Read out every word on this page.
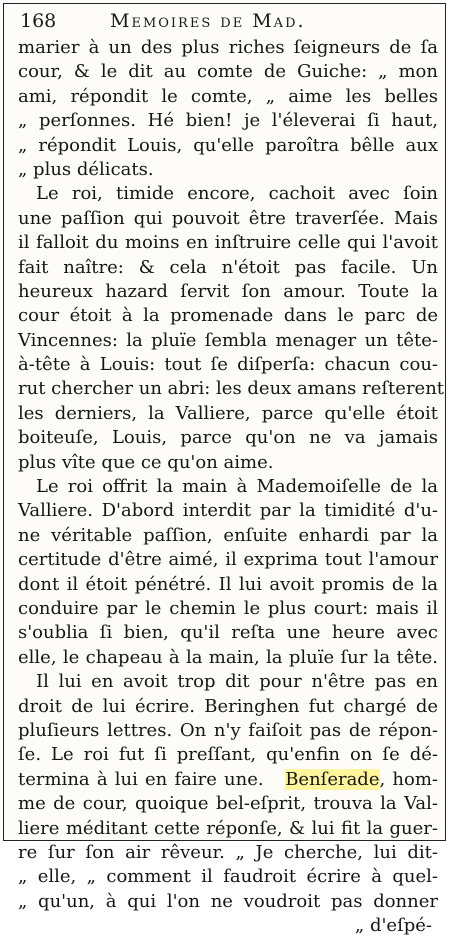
168	Memoires de Mad.
marier à un des plus riches ſeigneurs de ſa
cour, & le dit au comte de Guiche: „ mon
ami, répondit le comte, „ aime les belles
„ perſonnes. Hé bien! je l'éleverai ſi haut,
„ répondit Louis, qu'elle paroîtra bêlle aux
„ plus délicats.
Le roi, timide encore, cachoit avec ſoin
une paſſion qui pouvoit être traverſée. Mais
il falloit du moins en inſtruire celle qui l'avoit
fait naître: & cela n'étoit pas facile. Un
heureux hazard ſervit ſon amour. Toute la
cour étoit à la promenade dans le parc de
Vincennes: la pluïe ſembla menager un tête-
à-tête à Louis: tout ſe diſperſa: chacun cou-
rut chercher un abri: les deux amans reſterent
les derniers, la Valliere, parce qu'elle étoit
boiteuſe, Louis, parce qu'on ne va jamais
plus vîte que ce qu'on aime.
Le roi offrit la main à Mademoiſelle de la
Valliere. D'abord interdit par la timidité d'u-
ne véritable paſſion, enſuite enhardi par la
certitude d'être aimé, il exprima tout l'amour
dont il étoit pénétré. Il lui avoit promis de la
conduire par le chemin le plus court: mais il
s'oublia ſi bien, qu'il reſta une heure avec
elle, le chapeau à la main, la pluïe ſur la tête.
Il lui en avoit trop dit pour n'être pas en
droit de lui écrire. Beringhen fut chargé de
pluſieurs lettres. On n'y faiſoit pas de répon-
ſe. Le roi fut ſi preſſant, qu'enfin on ſe dé-
termina à lui en faire une. Benſerade, hom-
me de cour, quoique bel-eſprit, trouva la Val-
liere méditant cette réponſe, & lui fit la guer-
re ſur ſon air rêveur. „ Je cherche, lui dit-
„ elle, „ comment il faudroit écrire à quel-
„ qu'un, à qui l'on ne voudroit pas donner
„ d'eſpé-
